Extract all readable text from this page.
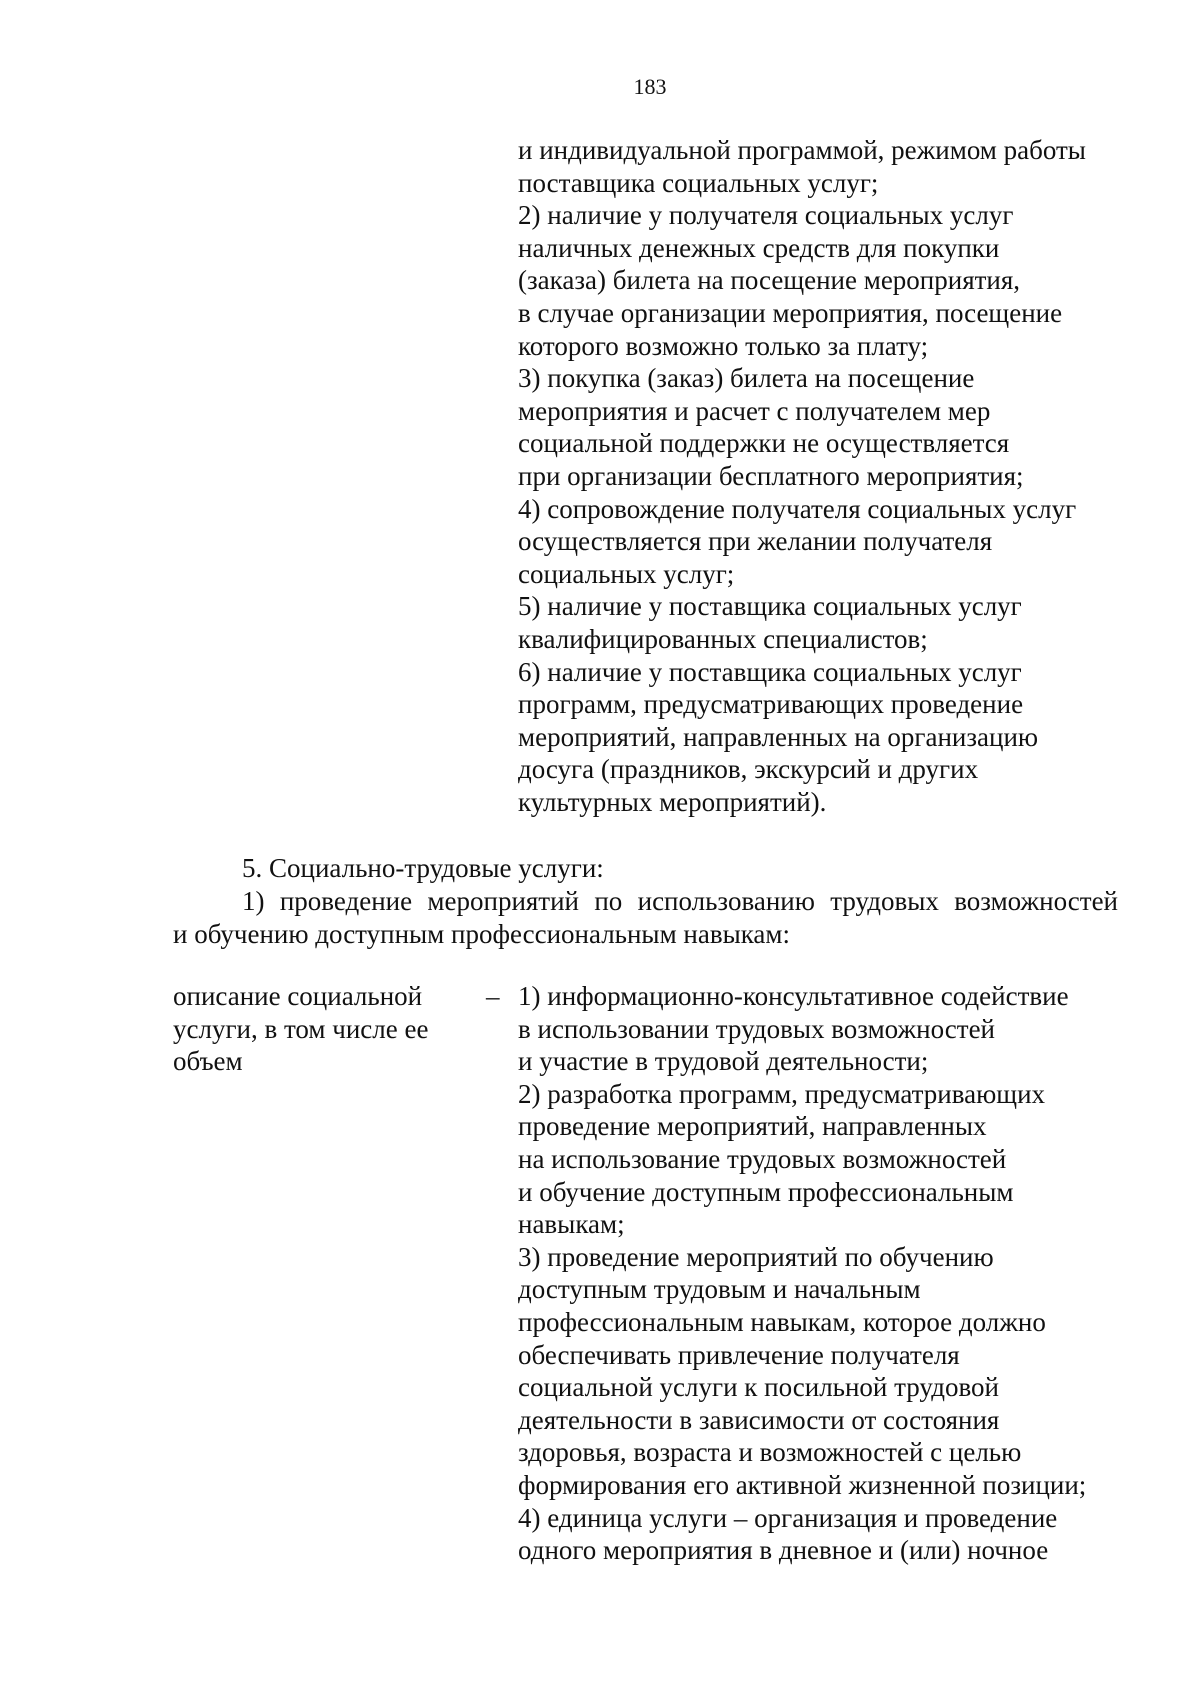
183
и индивидуальной программой, режимом работы
поставщика социальных услуг;
2) наличие у получателя социальных услуг
наличных денежных средств для покупки
(заказа) билета на посещение мероприятия,
в случае организации мероприятия, посещение
которого возможно только за плату;
3) покупка (заказ) билета на посещение
мероприятия и расчет с получателем мер
социальной поддержки не осуществляется
при организации бесплатного мероприятия;
4) сопровождение получателя социальных услуг
осуществляется при желании получателя
социальных услуг;
5) наличие у поставщика социальных услуг
квалифицированных специалистов;
6) наличие у поставщика социальных услуг
программ, предусматривающих проведение
мероприятий, направленных на организацию
досуга (праздников, экскурсий и других
культурных мероприятий).
5. Социально-трудовые услуги:
1) проведение мероприятий по использованию трудовых возможностей
и обучению доступным профессиональным навыкам:
описание социальной
услуги, в том числе ее
объем
– 1) информационно-консультативное содействие
в использовании трудовых возможностей
и участие в трудовой деятельности;
2) разработка программ, предусматривающих
проведение мероприятий, направленных
на использование трудовых возможностей
и обучение доступным профессиональным
навыкам;
3) проведение мероприятий по обучению
доступным трудовым и начальным
профессиональным навыкам, которое должно
обеспечивать привлечение получателя
социальной услуги к посильной трудовой
деятельности в зависимости от состояния
здоровья, возраста и возможностей с целью
формирования его активной жизненной позиции;
4) единица услуги – организация и проведение
одного мероприятия в дневное и (или) ночное
